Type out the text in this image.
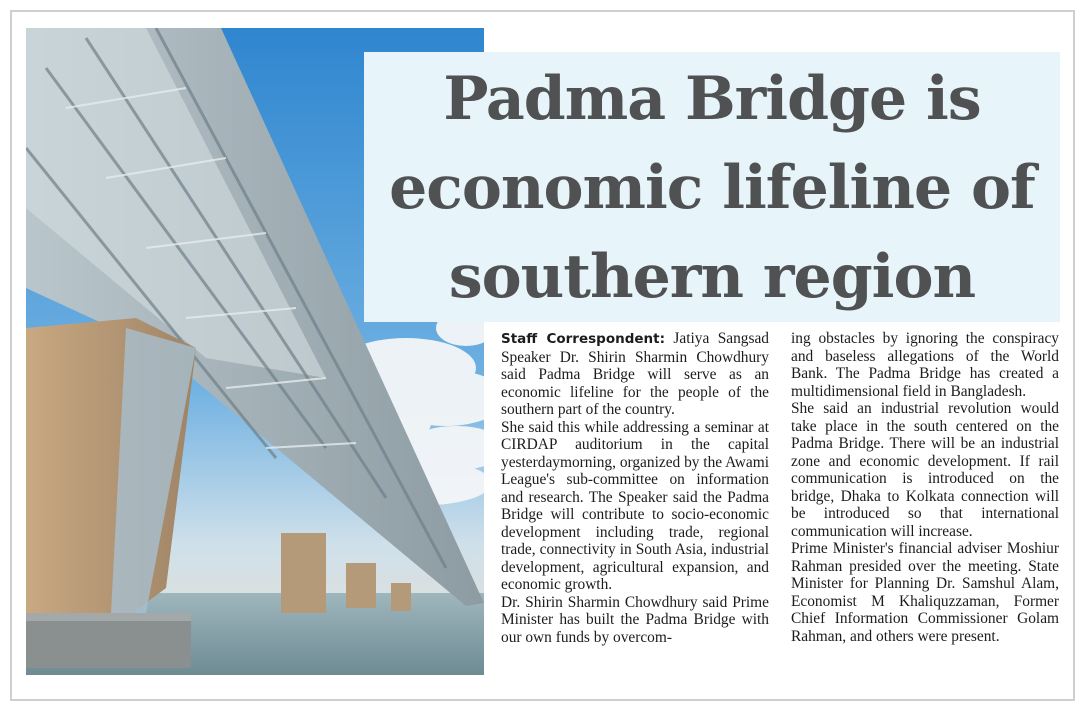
Padma Bridge is economic lifeline of southern region

Staff Correspondent: Jatiya Sangsad Speaker Dr. Shirin Sharmin Chowdhury said Padma Bridge will serve as an economic lifeline for the people of the southern part of the country.

She said this while addressing a seminar at CIRDAP auditorium in the capital yesterdaymorning, organized by the Awami League's sub-committee on information and research. The Speaker said the Padma Bridge will contribute to socio-economic development including trade, regional trade, connectivity in South Asia, industrial development, agricultural expansion, and economic growth.

Dr. Shirin Sharmin Chowdhury said Prime Minister has built the Padma Bridge with our own funds by overcom-

ing obstacles by ignoring the conspiracy and baseless allegations of the World Bank. The Padma Bridge has created a multidimensional field in Bangladesh.

She said an industrial revolution would take place in the south centered on the Padma Bridge. There will be an industrial zone and economic development. If rail communication is introduced on the bridge, Dhaka to Kolkata connection will be introduced so that international communication will increase.

Prime Minister's financial adviser Moshiur Rahman presided over the meeting. State Minister for Planning Dr. Samshul Alam, Economist M Khaliquzzaman, Former Chief Information Commissioner Golam Rahman, and others were present.
